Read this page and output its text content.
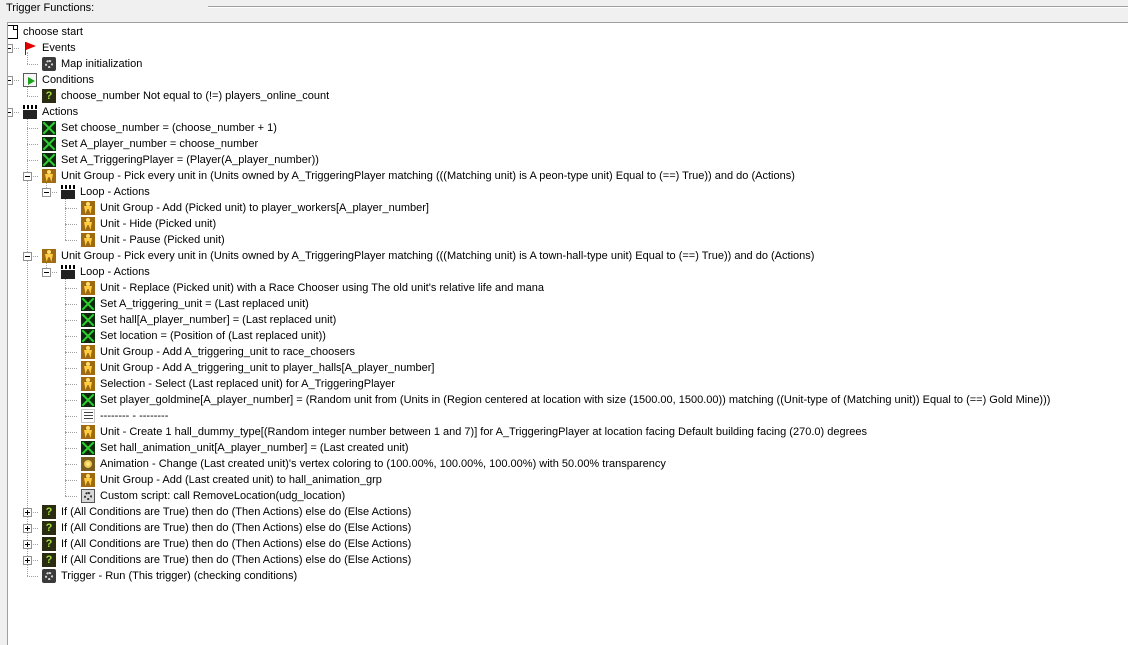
Trigger Functions:
choose start
Events
Map initialization
Conditions
? choose_number Not equal to (!=) players_online_count
Actions
Set choose_number = (choose_number + 1)
Set A_player_number = choose_number
Set A_TriggeringPlayer = (Player(A_player_number))
Unit Group - Pick every unit in (Units owned by A_TriggeringPlayer matching (((Matching unit) is A peon-type unit) Equal to (==) True)) and do (Actions)
Loop - Actions
Unit Group - Add (Picked unit) to player_workers[A_player_number]
Unit - Hide (Picked unit)
Unit - Pause (Picked unit)
Unit Group - Pick every unit in (Units owned by A_TriggeringPlayer matching (((Matching unit) is A town-hall-type unit) Equal to (==) True)) and do (Actions)
Loop - Actions
Unit - Replace (Picked unit) with a Race Chooser using The old unit's relative life and mana
Set A_triggering_unit = (Last replaced unit)
Set hall[A_player_number] = (Last replaced unit)
Set location = (Position of (Last replaced unit))
Unit Group - Add A_triggering_unit to race_choosers
Unit Group - Add A_triggering_unit to player_halls[A_player_number]
Selection - Select (Last replaced unit) for A_TriggeringPlayer
Set player_goldmine[A_player_number] = (Random unit from (Units in (Region centered at location with size (1500.00, 1500.00)) matching ((Unit-type of (Matching unit)) Equal to (==) Gold Mine)))
-------- - --------
Unit - Create 1 hall_dummy_type[(Random integer number between 1 and 7)] for A_TriggeringPlayer at location facing Default building facing (270.0) degrees
Set hall_animation_unit[A_player_number] = (Last created unit)
Animation - Change (Last created unit)'s vertex coloring to (100.00%, 100.00%, 100.00%) with 50.00% transparency
Unit Group - Add (Last created unit) to hall_animation_grp
Custom script: call RemoveLocation(udg_location)
? If (All Conditions are True) then do (Then Actions) else do (Else Actions)
? If (All Conditions are True) then do (Then Actions) else do (Else Actions)
? If (All Conditions are True) then do (Then Actions) else do (Else Actions)
? If (All Conditions are True) then do (Then Actions) else do (Else Actions)
Trigger - Run (This trigger) (checking conditions)
